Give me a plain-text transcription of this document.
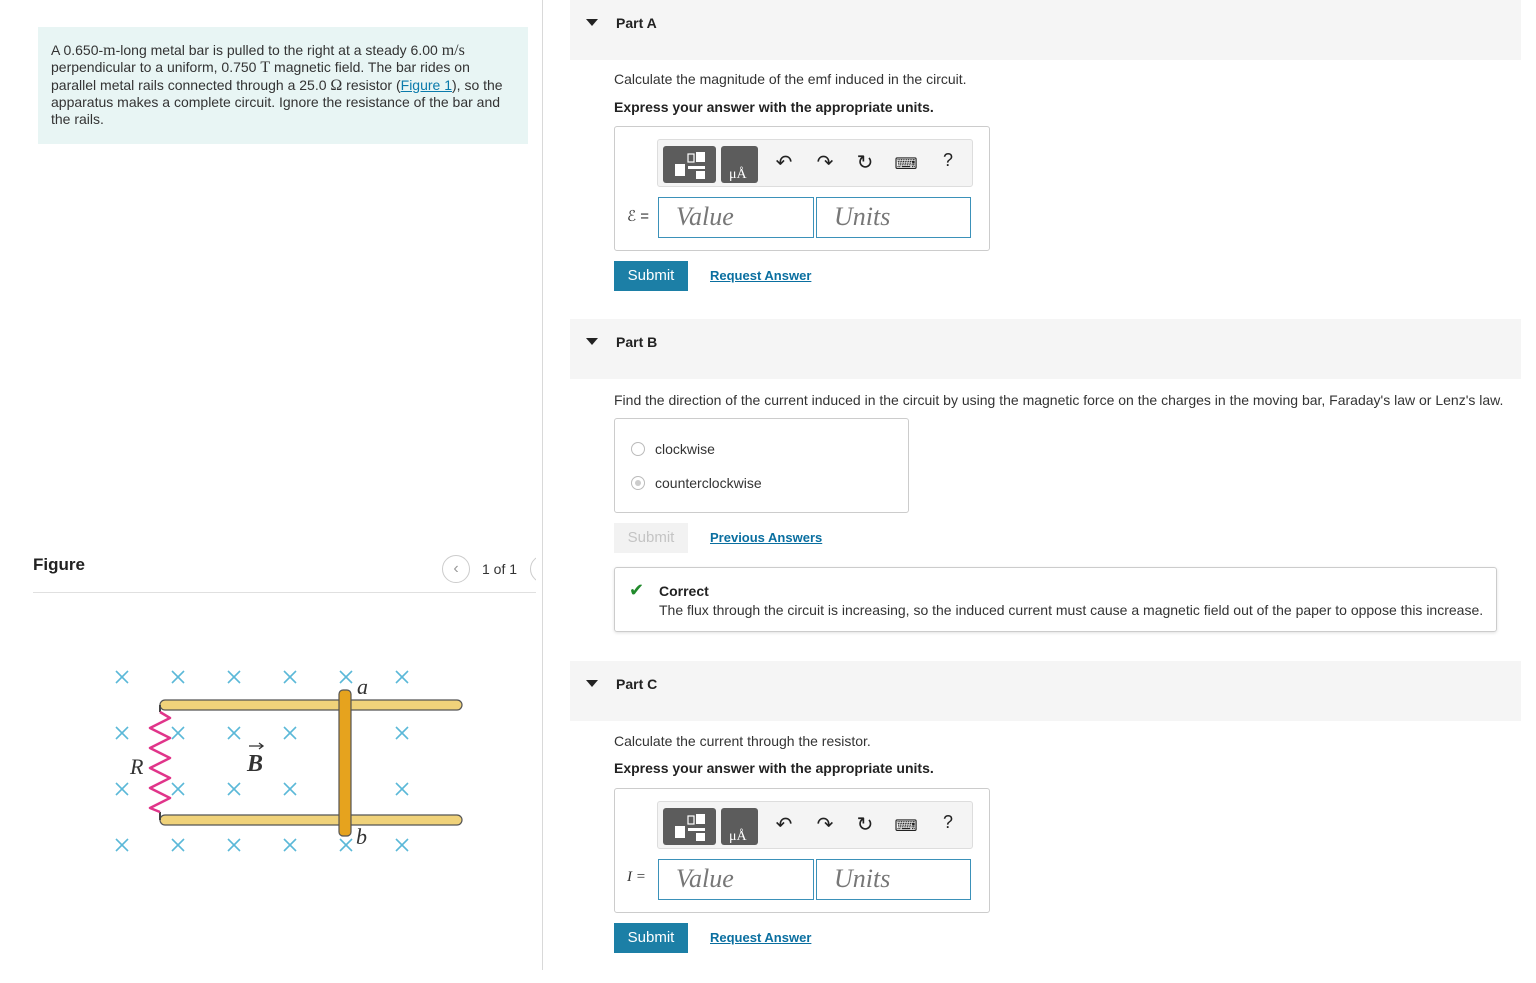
A 0.650-m-long metal bar is pulled to the right at a steady 6.00 m/s perpendicular to a uniform, 0.750 T magnetic field. The bar rides on parallel metal rails connected through a 25.0 Ω resistor (Figure 1), so the apparatus makes a complete circuit. Ignore the resistance of the bar and the rails.
Figure	‹	1 of 1
a
b
R	B
Part A
Calculate the magnitude of the emf induced in the circuit.
Express your answer with the appropriate units.
μÅ
↶ ↷ ↻ ⌨	?
ℰ =	Value	Units
Submit	Request Answer
Part B
Find the direction of the current induced in the circuit by using the magnetic force on the charges in the moving bar, Faraday's law or Lenz's law.
clockwise
counterclockwise
Submit	Previous Answers
✔ Correct
The flux through the circuit is increasing, so the induced current must cause a magnetic field out of the paper to oppose this increase.
Part C
Calculate the current through the resistor.
Express your answer with the appropriate units.
μÅ
↶ ↷ ↻ ⌨	?
I =	Value	Units
Submit	Request Answer
